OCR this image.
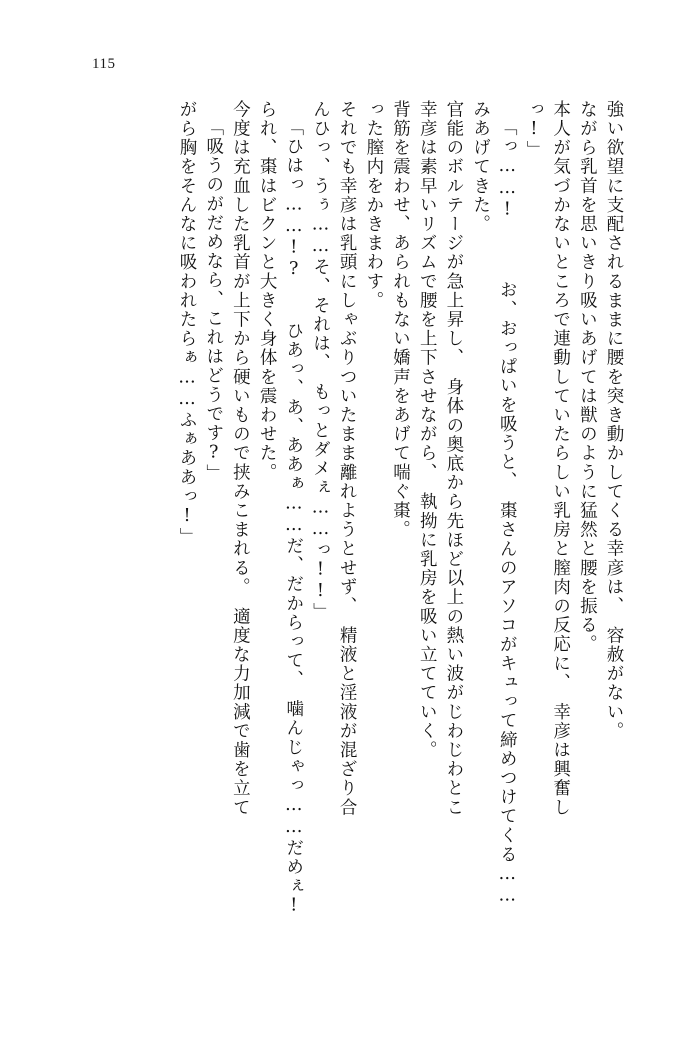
115
がら胸をそんなに吸われたらぁ……ふぁああっ!」 「吸うのがだめなら、これはどうです?」 今度は充血した乳首が上下から硬いもので挟みこまれる。　適度な力加減で歯を立て られ、棗はビクンと大きく身体を震わせた。 「ひはっ……!? 　ひあっ、あ、ああぁ……だ、だからって、　噛んじゃっ……だめぇ! んひっ、うぅ……そ、それは、　もっとダメぇ……っ!!」 それでも幸彦は乳頭にしゃぶりついたまま離れようとせず、　精液と淫液が混ざり合 った膣内をかきまわす。 背筋を震わせ、あられもない嬌声をあげて喘ぐ棗。 幸彦は素早いリズムで腰を上下させながら、　執拗に乳房を吸い立てていく。 官能のボルテージが急上昇し、　身体の奥底から先ほど以上の熱い波がじわじわとこ みあげてきた。 「っ……! 　　お、おっぱいを吸うと、　棗さんのアソコがキュって締めつけてくる…… っ!」 本人が気づかないところで連動していたらしい乳房と膣肉の反応に、　幸彦は興奮し ながら乳首を思いきり吸いあげては獣のように猛然と腰を振る。 強い欲望に支配されるままに腰を突き動かしてくる幸彦は、　容赦がない。
